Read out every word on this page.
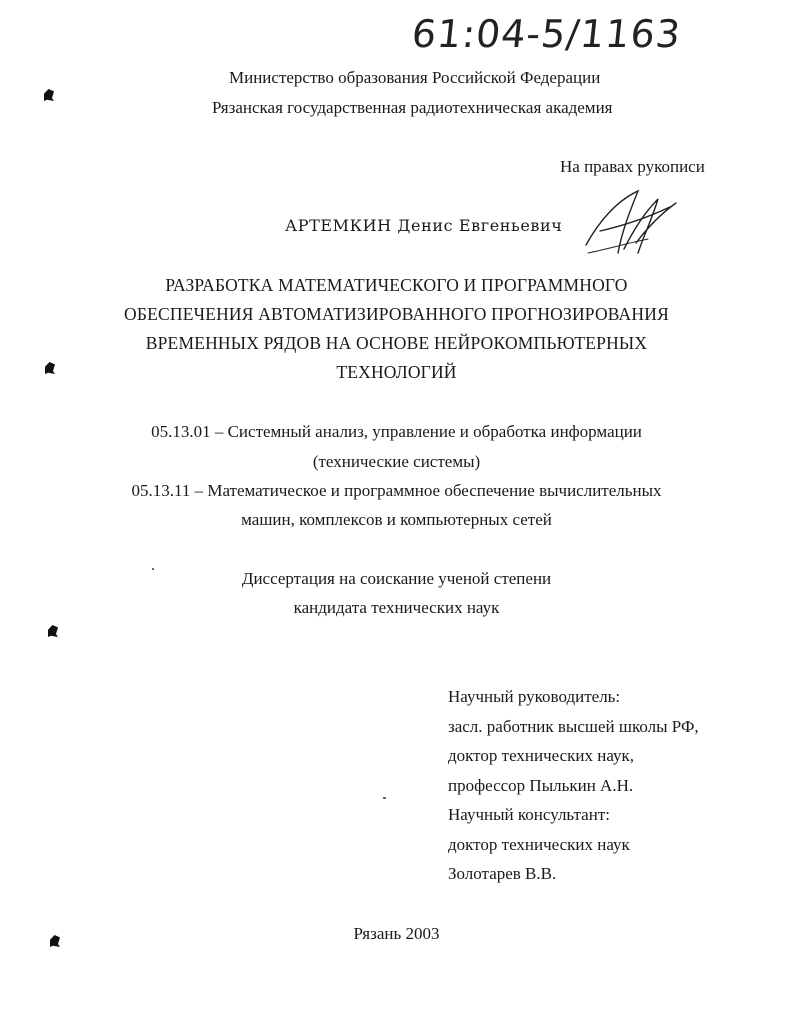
61:04-5/1163
Министерство образования Российской Федерации
Рязанская государственная радиотехническая академия
На правах рукописи
АРТЕМКИН Денис Евгеньевич
РАЗРАБОТКА МАТЕМАТИЧЕСКОГО И ПРОГРАММНОГО
ОБЕСПЕЧЕНИЯ АВТОМАТИЗИРОВАННОГО ПРОГНОЗИРОВАНИЯ
ВРЕМЕННЫХ РЯДОВ НА ОСНОВЕ НЕЙРОКОМПЬЮТЕРНЫХ
ТЕХНОЛОГИЙ
05.13.01 – Системный анализ, управление и обработка информации
(технические системы)
05.13.11 – Математическое и программное обеспечение вычислительных
машин, комплексов и компьютерных сетей
Диссертация на соискание ученой степени
кандидата технических наук
Научный руководитель:
засл. работник высшей школы РФ,
доктор технических наук,
профессор Пылькин А.Н.
Научный консультант:
доктор технических наук
Золотарев В.В.
Рязань 2003
